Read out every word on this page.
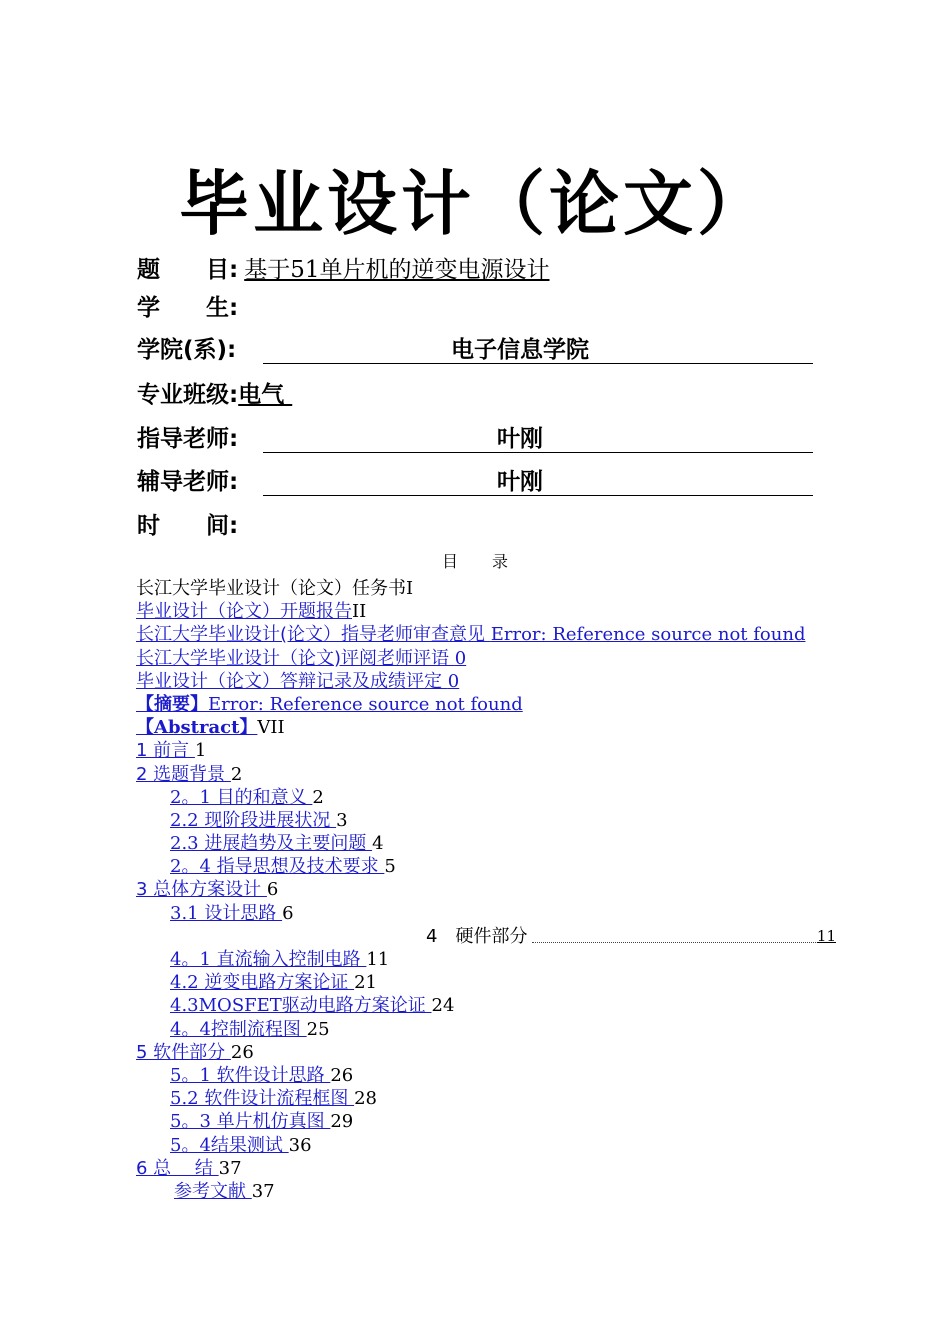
毕业设计（论文）
题　　目: 基于51单片机的逆变电源设计
学　　生:
学院(系):	电子信息学院
专业班级:电气
指导老师:	叶刚
辅导老师:	叶刚
时　　间:
目录
长江大学毕业设计（论文）任务书I
毕业设计（论文）开题报告II
长江大学毕业设计(论文）指导老师审查意见 Error: Reference source not found
长江大学毕业设计（论文)评阅老师评语 0
毕业设计（论文）答辩记录及成绩评定 0
【摘要】Error: Reference source not found
【Abstract】VII
1 前言 1
2 选题背景 2
2。1 目的和意义 2
2.2 现阶段进展状况 3
2.3 进展趋势及主要问题 4
2。4 指导思想及技术要求 5
3 总体方案设计 6
3.1 设计思路 6
4　硬件部分	11
4。1 直流输入控制电路 11
4.2 逆变电路方案论证 21
4.3MOSFET驱动电路方案论证 24
4。4控制流程图 25
5 软件部分 26
5。1 软件设计思路 26
5.2 软件设计流程框图 28
5。3 单片机仿真图 29
5。4结果测试 36
6 总　 结 37
参考文献 37
